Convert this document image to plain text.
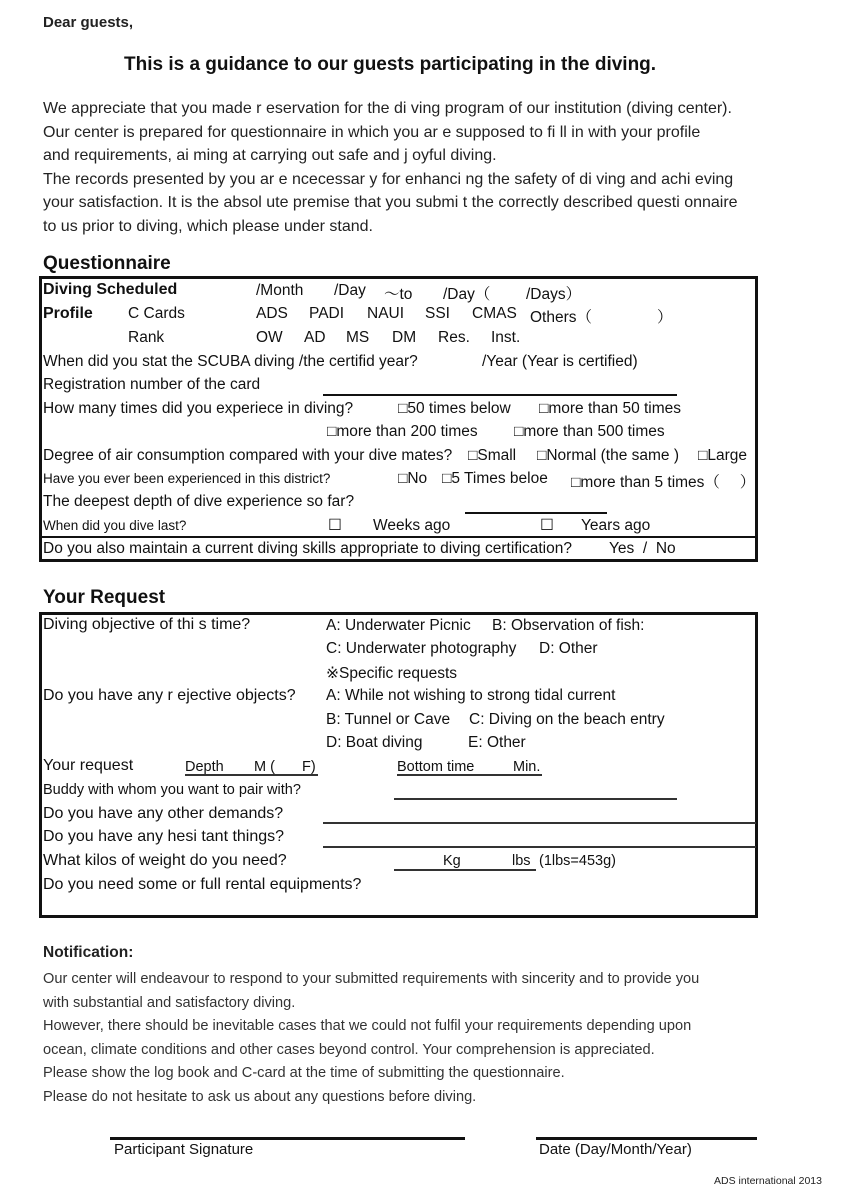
Dear guests,
This is a guidance to our guests participating in the diving.
We appreciate that you made r eservation for the di ving program of our institution (diving center).
Our center is prepared for questionnaire in which you ar e supposed to fi ll in with your profile
and requirements, ai ming at carrying out safe and j oyful diving.
The records presented by you ar e ncecessar y for enhanci ng the safety of di ving and achi eving
your satisfaction. It is the absol ute premise that you submi t the correctly described questi onnaire
to us prior to diving, which please under stand.
Questionnaire
Diving Scheduled	/Month /Day ～to /Day（ /Days）
Profile C Cards	ADS PADI NAUI SSI CMAS Others（	）
Rank	OW AD MS DM Res. Inst.
When did you stat the SCUBA diving /the certifid year?	/Year (Year is certified)
Registration number of the card
How many times did you experiece in diving?	□50 times below □more than 50 times
□more than 200 times □more than 500 times
Degree of air consumption compared with your dive mates? □Small □Normal (the same ) □Large
Have you ever been experienced in this district?	□No □5 Times beloe □more than 5 times（　 ）
The deepest depth of dive experience so far?
When did you dive last?	☐ Weeks ago	☐ Years ago
Do you also maintain a current diving skills appropriate to diving certification? Yes  /  No
Your Request
Diving objective of thi s time?	A: Underwater Picnic B: Observation of fish:
C: Underwater photography D: Other
※Specific requests
Do you have any r ejective objects? A: While not wishing to strong tidal current
B: Tunnel or Cave C: Diving on the beach entry
D: Boat diving	E: Other
Your request	Depth M ( F)	Bottom time	Min.
Buddy with whom you want to pair with?
Do you have any other demands?
Do you have any hesi tant things?
What kilos of weight do you need?	Kg	lbs (1lbs=453g)
Do you need some or full rental equipments?
Notification:
Our center will endeavour to respond to your submitted requirements with sincerity and to provide you
with substantial and satisfactory diving.
However, there should be inevitable cases that we could not fulfil your requirements depending upon
ocean, climate conditions and other cases beyond control. Your comprehension is appreciated.
Please show the log book and C-card at the time of submitting the questionnaire.
Please do not hesitate to ask us about any questions before diving.
Participant Signature	Date (Day/Month/Year)
ADS international 2013
